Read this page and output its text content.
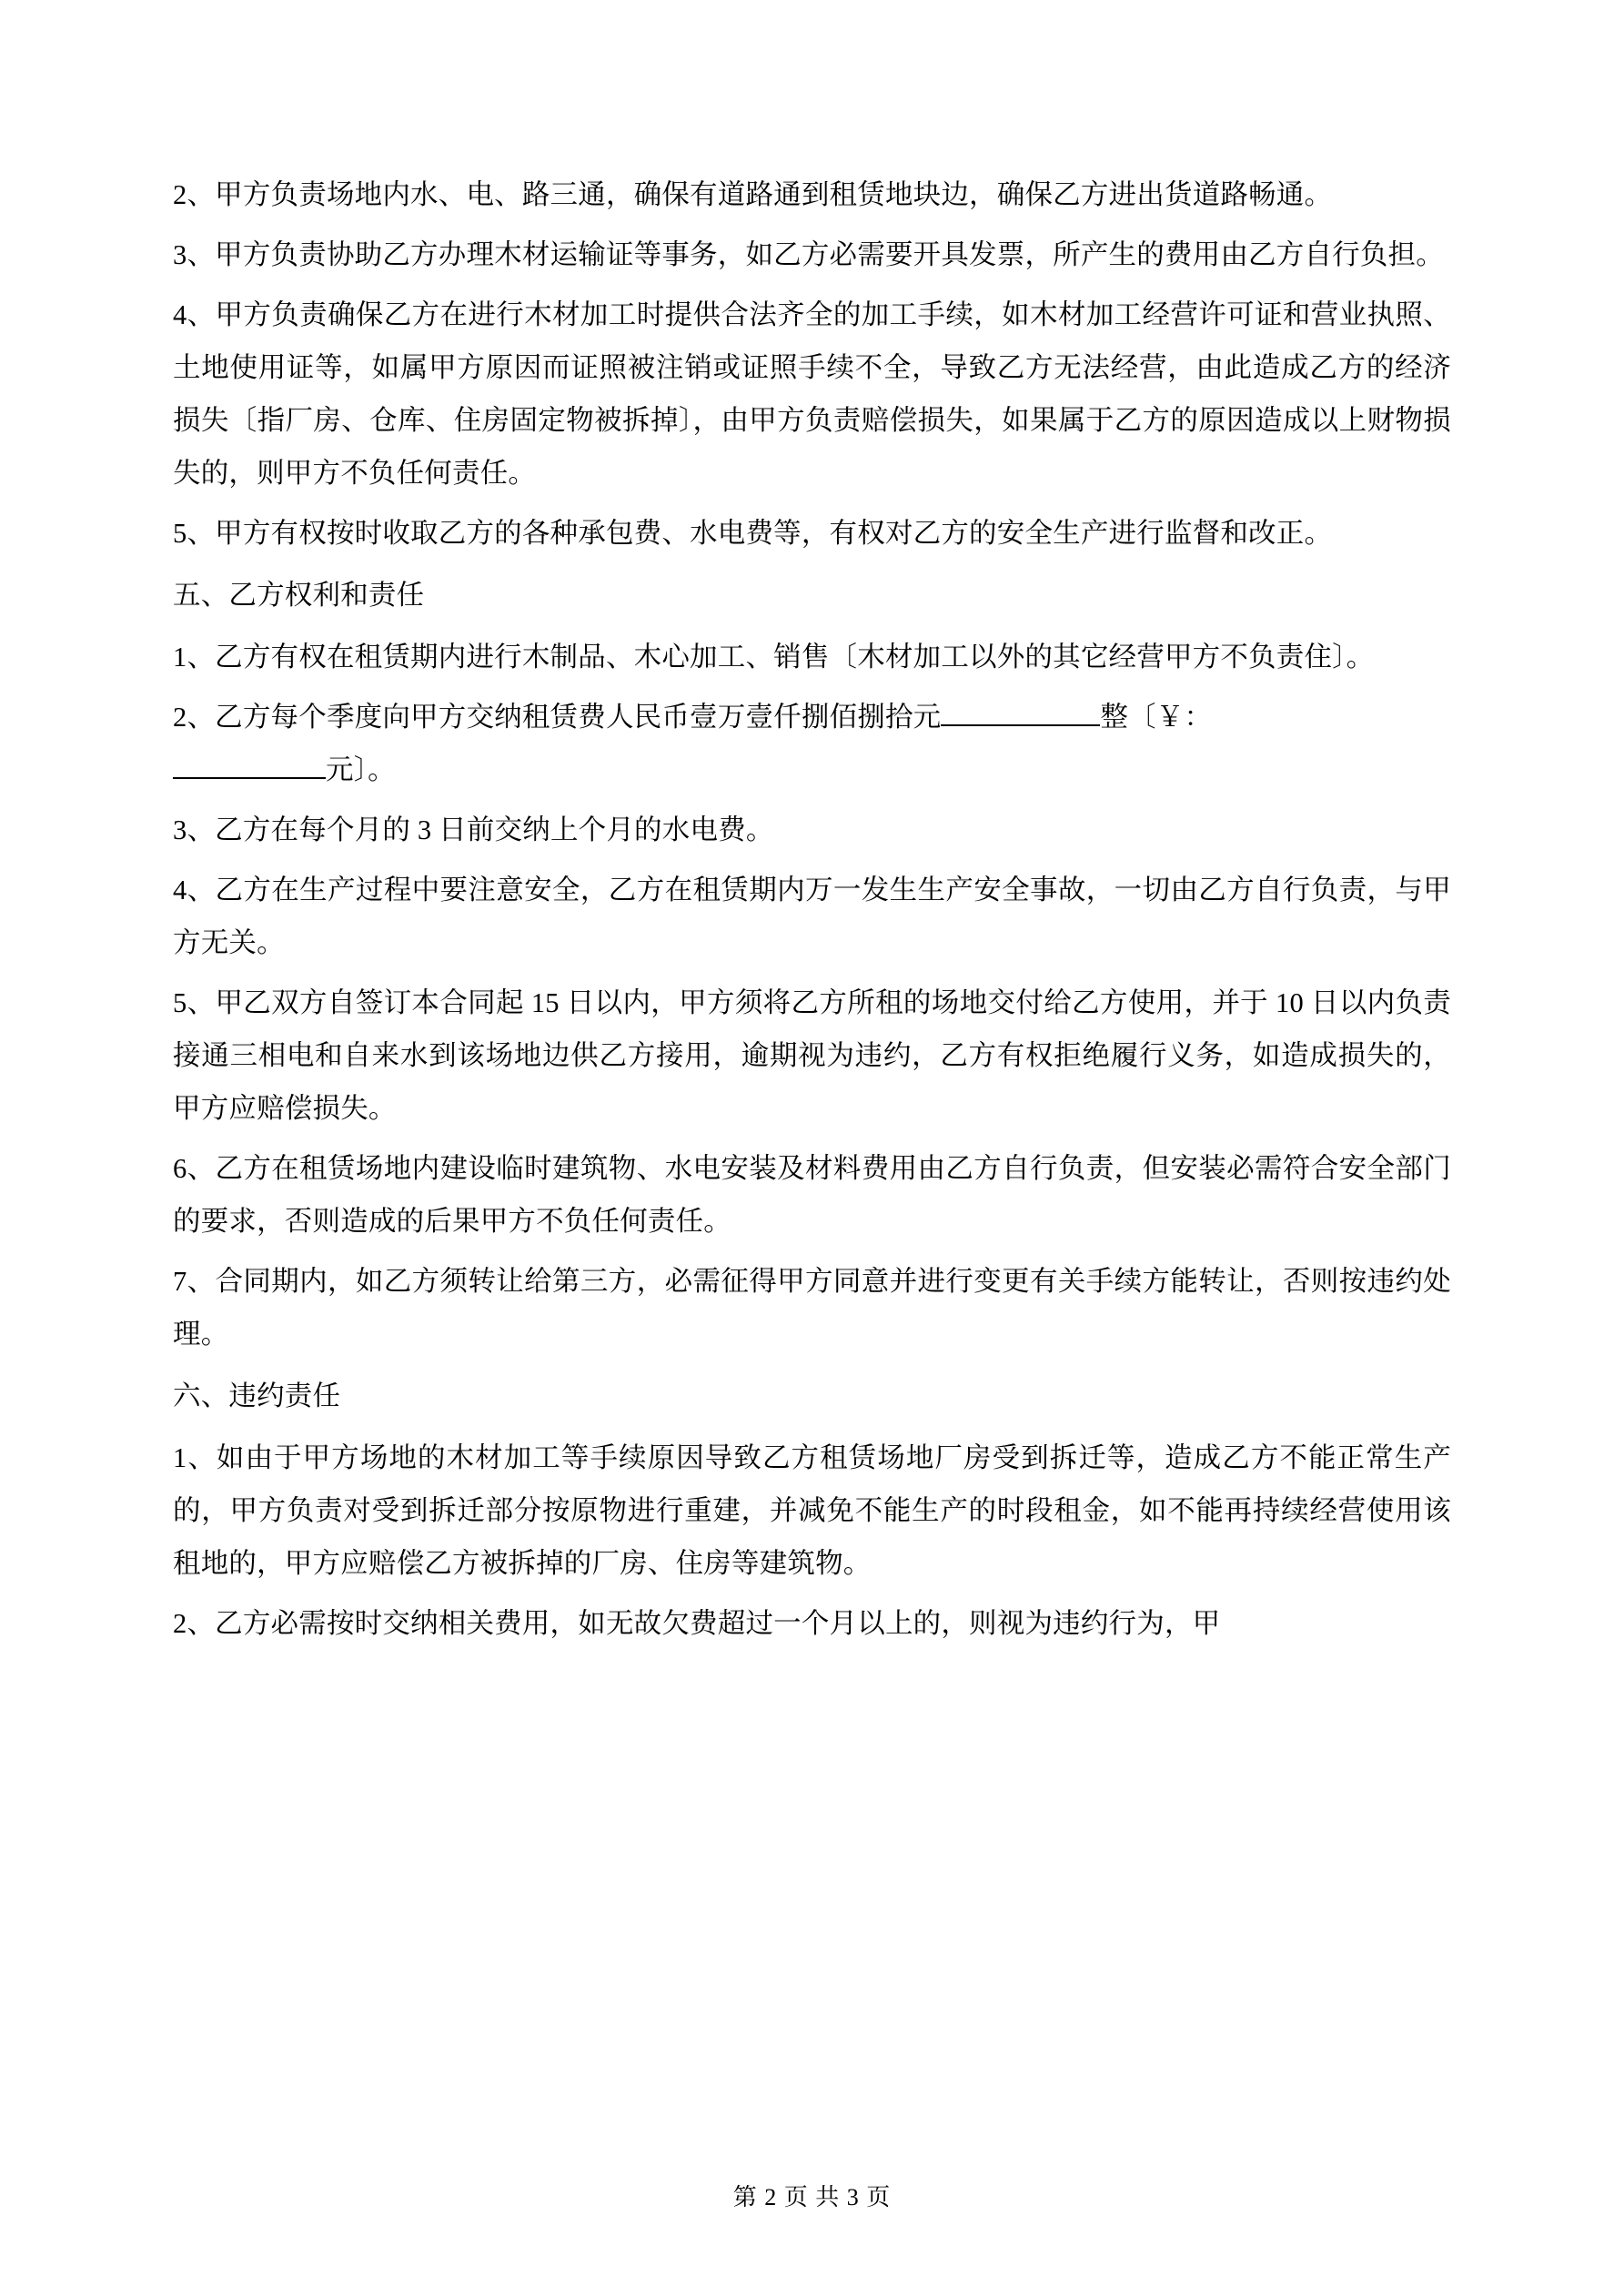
2、甲方负责场地内水、电、路三通，确保有道路通到租赁地块边，确保乙方进出货道路畅通。

3、甲方负责协助乙方办理木材运输证等事务，如乙方必需要开具发票，所产生的费用由乙方自行负担。

4、甲方负责确保乙方在进行木材加工时提供合法齐全的加工手续，如木材加工经营许可证和营业执照、土地使用证等，如属甲方原因而证照被注销或证照手续不全，导致乙方无法经营，由此造成乙方的经济损失〔指厂房、仓库、住房固定物被拆掉〕，由甲方负责赔偿损失，如果属于乙方的原因造成以上财物损失的，则甲方不负任何责任。

5、甲方有权按时收取乙方的各种承包费、水电费等，有权对乙方的安全生产进行监督和改正。

五、乙方权利和责任

1、乙方有权在租赁期内进行木制品、木心加工、销售〔木材加工以外的其它经营甲方不负责住〕。

2、乙方每个季度向甲方交纳租赁费人民币壹万壹仟捌佰捌拾元	整〔￥：
元〕。

3、乙方在每个月的 3 日前交纳上个月的水电费。

4、乙方在生产过程中要注意安全，乙方在租赁期内万一发生生产安全事故，一切由乙方自行负责，与甲方无关。

5、甲乙双方自签订本合同起 15 日以内，甲方须将乙方所租的场地交付给乙方使用，并于 10 日以内负责接通三相电和自来水到该场地边供乙方接用，逾期视为违约，乙方有权拒绝履行义务，如造成损失的，甲方应赔偿损失。

6、乙方在租赁场地内建设临时建筑物、水电安装及材料费用由乙方自行负责，但安装必需符合安全部门的要求，否则造成的后果甲方不负任何责任。

7、合同期内，如乙方须转让给第三方，必需征得甲方同意并进行变更有关手续方能转让，否则按违约处理。

六、违约责任

1、如由于甲方场地的木材加工等手续原因导致乙方租赁场地厂房受到拆迁等，造成乙方不能正常生产的，甲方负责对受到拆迁部分按原物进行重建，并减免不能生产的时段租金，如不能再持续经营使用该租地的，甲方应赔偿乙方被拆掉的厂房、住房等建筑物。

2、乙方必需按时交纳相关费用，如无故欠费超过一个月以上的，则视为违约行为，甲

第 2 页 共 3 页
